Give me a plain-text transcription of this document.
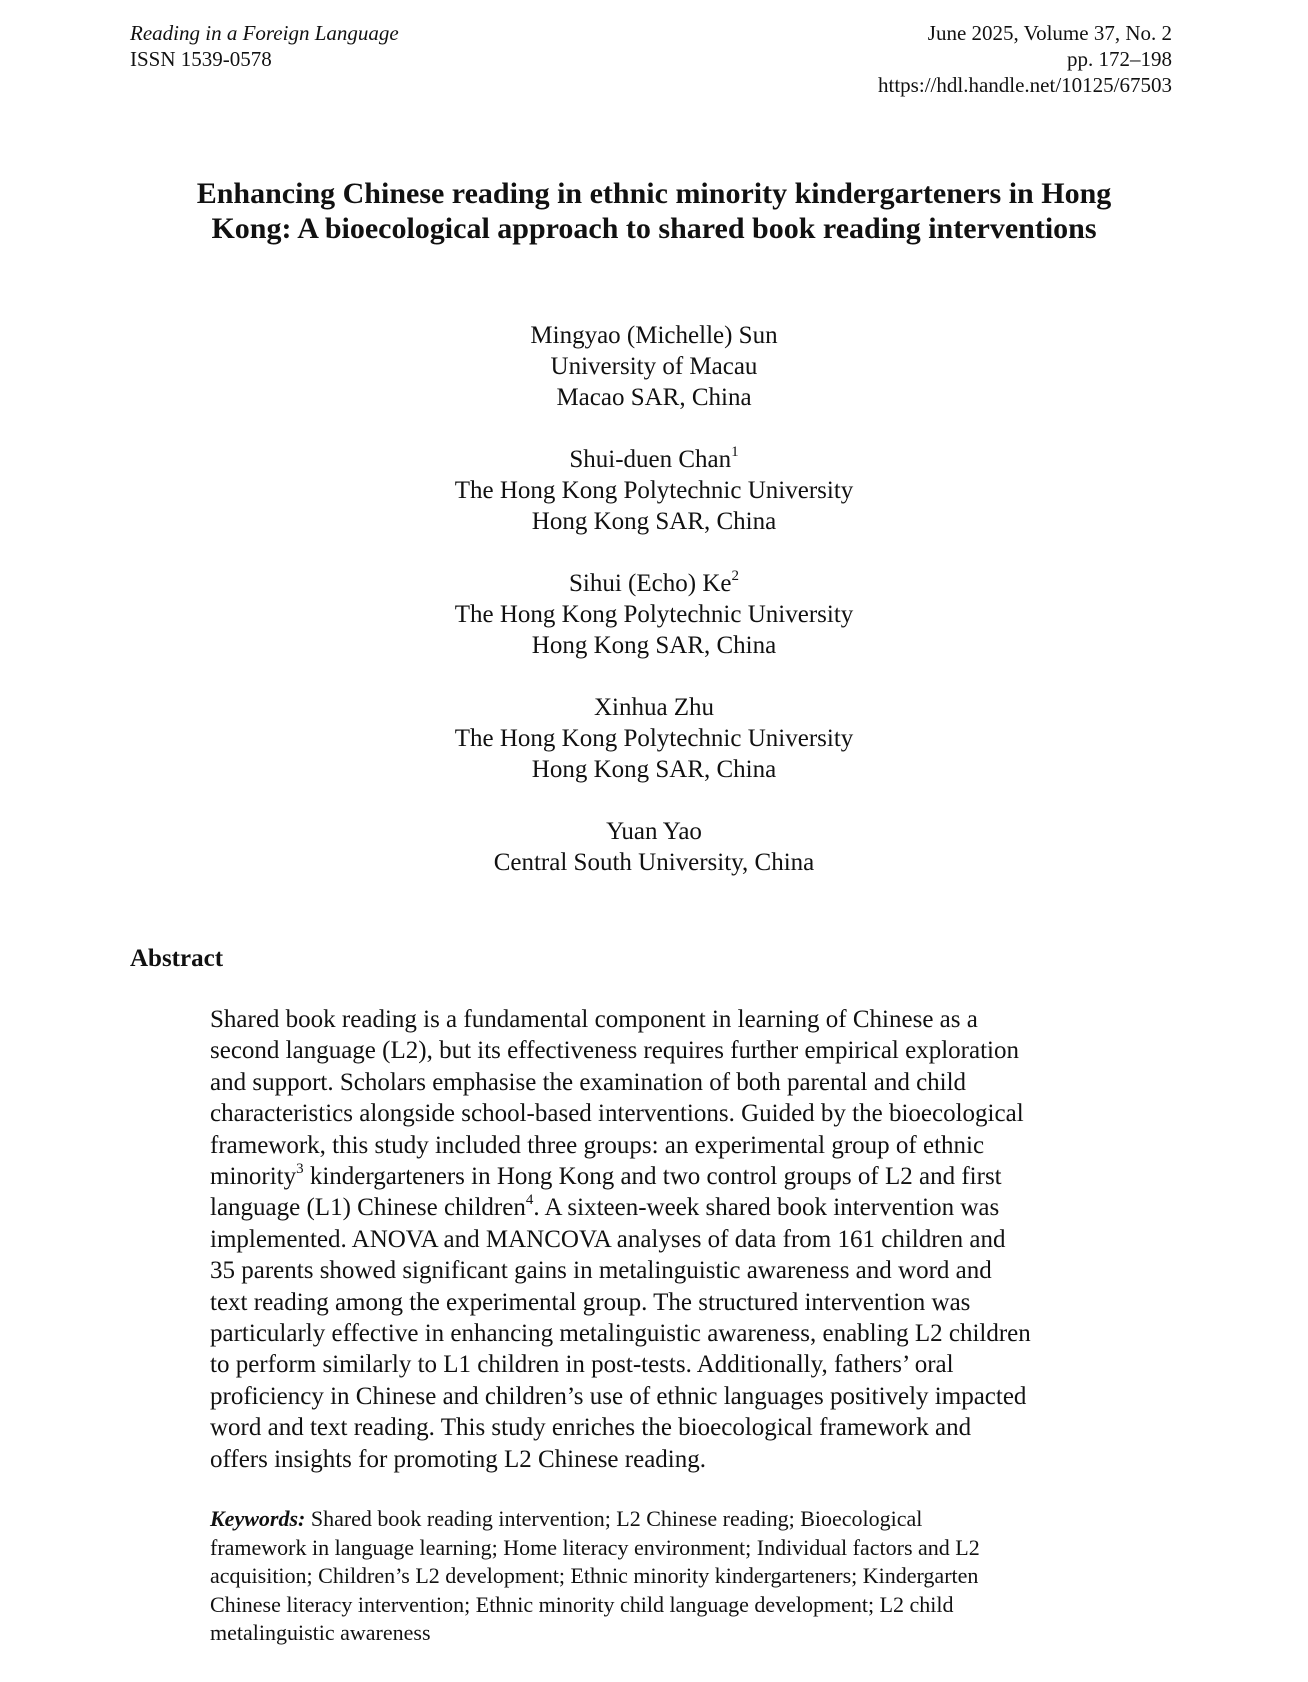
Reading in a Foreign Language
ISSN 1539-0578
June 2025, Volume 37, No. 2
pp. 172–198
https://hdl.handle.net/10125/67503
Enhancing Chinese reading in ethnic minority kindergarteners in Hong
Kong: A bioecological approach to shared book reading interventions
Mingyao (Michelle) Sun
University of Macau
Macao SAR, China
Shui-duen Chan$^1$
The Hong Kong Polytechnic University
Hong Kong SAR, China
Sihui (Echo) Ke$^2$
The Hong Kong Polytechnic University
Hong Kong SAR, China
Xinhua Zhu
The Hong Kong Polytechnic University
Hong Kong SAR, China
Yuan Yao
Central South University, China
Abstract
Shared book reading is a fundamental component in learning of Chinese as a
second language (L2), but its effectiveness requires further empirical exploration
and support. Scholars emphasise the examination of both parental and child
characteristics alongside school-based interventions. Guided by the bioecological
framework, this study included three groups: an experimental group of ethnic
minority$^3$ kindergarteners in Hong Kong and two control groups of L2 and first
language (L1) Chinese children$^4$. A sixteen-week shared book intervention was
implemented. ANOVA and MANCOVA analyses of data from 161 children and
35 parents showed significant gains in metalinguistic awareness and word and
text reading among the experimental group. The structured intervention was
particularly effective in enhancing metalinguistic awareness, enabling L2 children
to perform similarly to L1 children in post-tests. Additionally, fathers’ oral
proficiency in Chinese and children’s use of ethnic languages positively impacted
word and text reading. This study enriches the bioecological framework and
offers insights for promoting L2 Chinese reading.
Keywords: Shared book reading intervention; L2 Chinese reading; Bioecological
framework in language learning; Home literacy environment; Individual factors and L2
acquisition; Children’s L2 development; Ethnic minority kindergarteners; Kindergarten
Chinese literacy intervention; Ethnic minority child language development; L2 child
metalinguistic awareness
